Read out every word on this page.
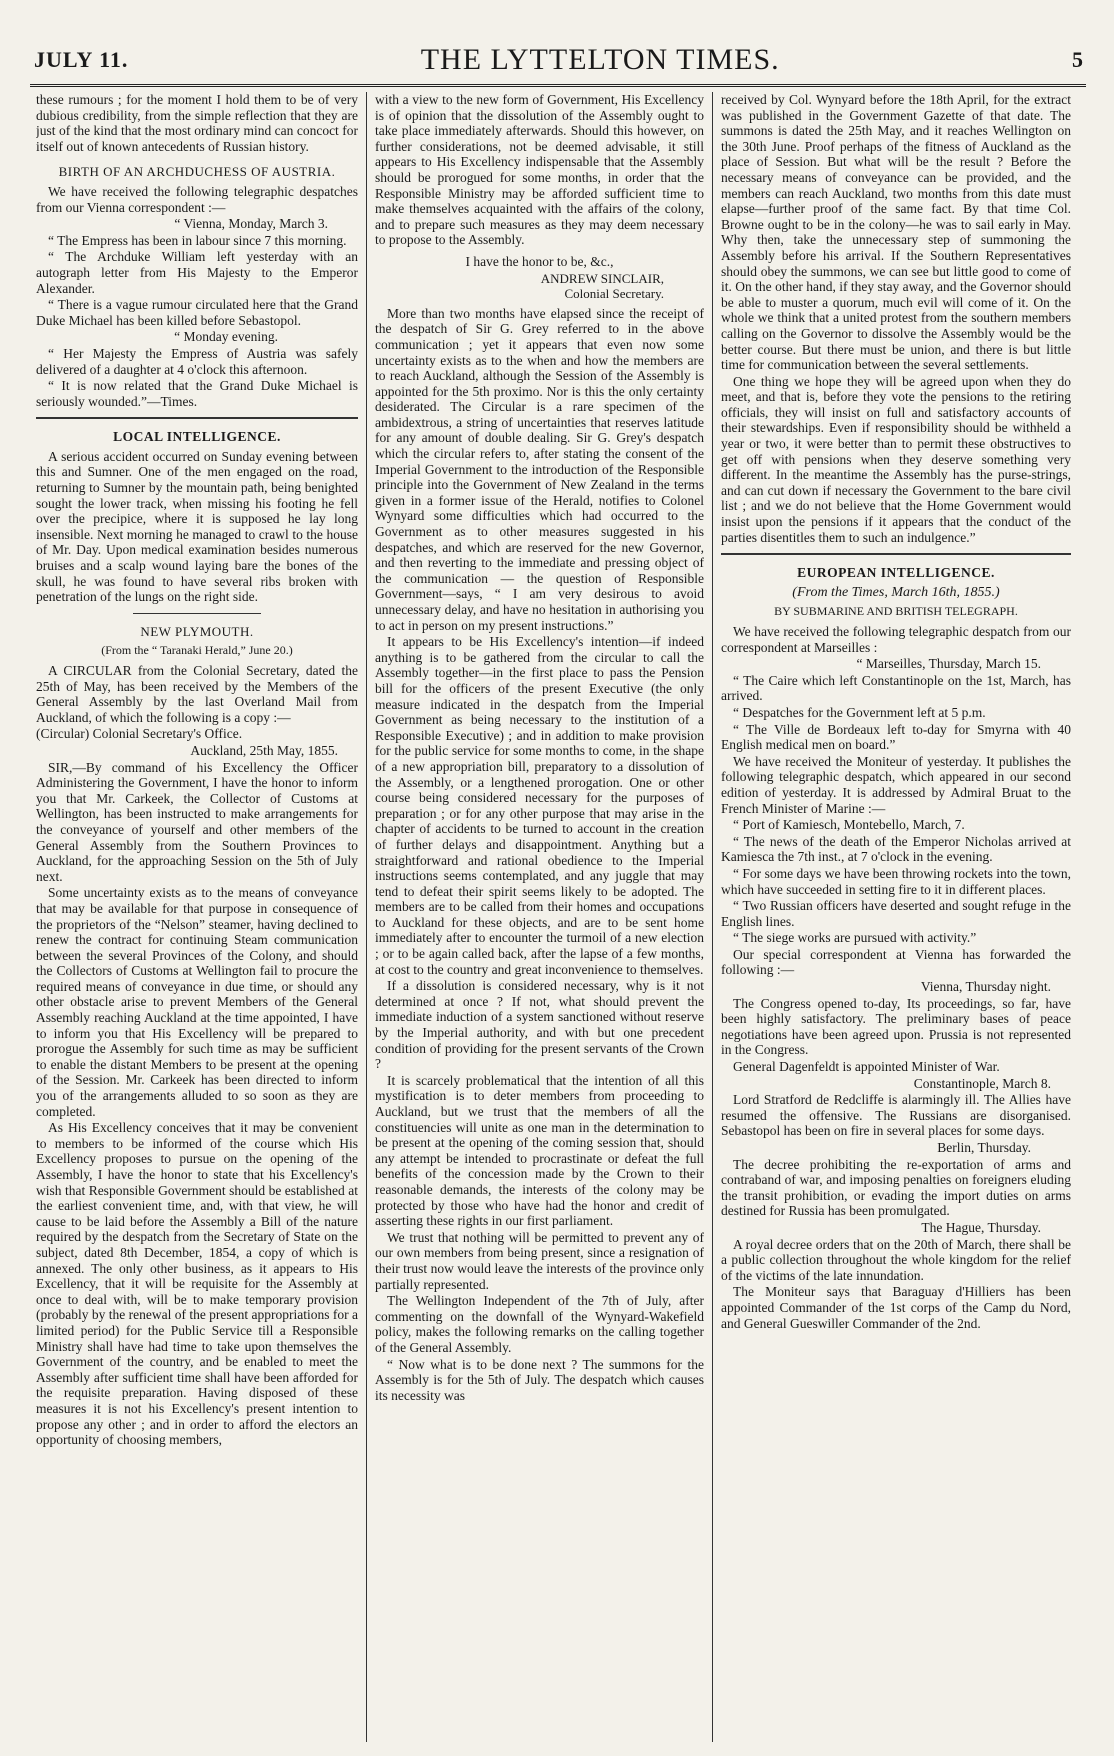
JULY 11.	THE LYTTELTON TIMES.	5

these rumours ; for the moment I hold them to be of very dubious credibility, from the simple reflection that they are just of the kind that the most ordinary mind can concoct for itself out of known antecedents of Russian history.

BIRTH OF AN ARCHDUCHESS OF AUSTRIA.

We have received the following telegraphic despatches from our Vienna correspondent :—

“ Vienna, Monday, March 3.

“ The Empress has been in labour since 7 this morning.

“ The Archduke William left yesterday with an autograph letter from His Majesty to the Emperor Alexander.

“ There is a vague rumour circulated here that the Grand Duke Michael has been killed before Sebastopol.

“ Monday evening.

“ Her Majesty the Empress of Austria was safely delivered of a daughter at 4 o'clock this afternoon.

“ It is now related that the Grand Duke Michael is seriously wounded.”—Times.

LOCAL INTELLIGENCE.

A serious accident occurred on Sunday evening between this and Sumner. One of the men engaged on the road, returning to Sumner by the mountain path, being benighted sought the lower track, when missing his footing he fell over the precipice, where it is supposed he lay long insensible. Next morning he managed to crawl to the house of Mr. Day. Upon medical examination besides numerous bruises and a scalp wound laying bare the bones of the skull, he was found to have several ribs broken with penetration of the lungs on the right side.

NEW PLYMOUTH.
(From the “ Taranaki Herald,” June 20.)

A CIRCULAR from the Colonial Secretary, dated the 25th of May, has been received by the Members of the General Assembly by the last Overland Mail from Auckland, of which the following is a copy :—

(Circular) Colonial Secretary's Office.

Auckland, 25th May, 1855.

SIR,—By command of his Excellency the Officer Administering the Government, I have the honor to inform you that Mr. Carkeek, the Collector of Customs at Wellington, has been instructed to make arrangements for the conveyance of yourself and other members of the General Assembly from the Southern Provinces to Auckland, for the approaching Session on the 5th of July next.

Some uncertainty exists as to the means of conveyance that may be available for that purpose in consequence of the proprietors of the “Nelson” steamer, having declined to renew the contract for continuing Steam communication between the several Provinces of the Colony, and should the Collectors of Customs at Wellington fail to procure the required means of conveyance in due time, or should any other obstacle arise to prevent Members of the General Assembly reaching Auckland at the time appointed, I have to inform you that His Excellency will be prepared to prorogue the Assembly for such time as may be sufficient to enable the distant Members to be present at the opening of the Session. Mr. Carkeek has been directed to inform you of the arrangements alluded to so soon as they are completed.

As His Excellency conceives that it may be convenient to members to be informed of the course which His Excellency proposes to pursue on the opening of the Assembly, I have the honor to state that his Excellency's wish that Responsible Government should be established at the earliest convenient time, and, with that view, he will cause to be laid before the Assembly a Bill of the nature required by the despatch from the Secretary of State on the subject, dated 8th December, 1854, a copy of which is annexed. The only other business, as it appears to His Excellency, that it will be requisite for the Assembly at once to deal with, will be to make temporary provision (probably by the renewal of the present appropriations for a limited period) for the Public Service till a Responsible Ministry shall have had time to take upon themselves the Government of the country, and be enabled to meet the Assembly after sufficient time shall have been afforded for the requisite preparation. Having disposed of these measures it is not his Excellency's present intention to propose any other ; and in order to afford the electors an opportunity of choosing members,

with a view to the new form of Government, His Excellency is of opinion that the dissolution of the Assembly ought to take place immediately afterwards. Should this however, on further considerations, not be deemed advisable, it still appears to His Excellency indispensable that the Assembly should be prorogued for some months, in order that the Responsible Ministry may be afforded sufficient time to make themselves acquainted with the affairs of the colony, and to prepare such measures as they may deem necessary to propose to the Assembly.

I have the honor to be, &c.,

ANDREW SINCLAIR,
Colonial Secretary.

More than two months have elapsed since the receipt of the despatch of Sir G. Grey referred to in the above communication ; yet it appears that even now some uncertainty exists as to the when and how the members are to reach Auckland, although the Session of the Assembly is appointed for the 5th proximo. Nor is this the only certainty desiderated. The Circular is a rare specimen of the ambidextrous, a string of uncertainties that reserves latitude for any amount of double dealing. Sir G. Grey's despatch which the circular refers to, after stating the consent of the Imperial Government to the introduction of the Responsible principle into the Government of New Zealand in the terms given in a former issue of the Herald, notifies to Colonel Wynyard some difficulties which had occurred to the Government as to other measures suggested in his despatches, and which are reserved for the new Governor, and then reverting to the immediate and pressing object of the communication — the question of Responsible Government—says, “ I am very desirous to avoid unnecessary delay, and have no hesitation in authorising you to act in person on my present instructions.”

It appears to be His Excellency's intention—if indeed anything is to be gathered from the circular to call the Assembly together—in the first place to pass the Pension bill for the officers of the present Executive (the only measure indicated in the despatch from the Imperial Government as being necessary to the institution of a Responsible Executive) ; and in addition to make provision for the public service for some months to come, in the shape of a new appropriation bill, preparatory to a dissolution of the Assembly, or a lengthened prorogation. One or other course being considered necessary for the purposes of preparation ; or for any other purpose that may arise in the chapter of accidents to be turned to account in the creation of further delays and disappointment. Anything but a straightforward and rational obedience to the Imperial instructions seems contemplated, and any juggle that may tend to defeat their spirit seems likely to be adopted. The members are to be called from their homes and occupations to Auckland for these objects, and are to be sent home immediately after to encounter the turmoil of a new election ; or to be again called back, after the lapse of a few months, at cost to the country and great inconvenience to themselves.

If a dissolution is considered necessary, why is it not determined at once ? If not, what should prevent the immediate induction of a system sanctioned without reserve by the Imperial authority, and with but one precedent condition of providing for the present servants of the Crown ?

It is scarcely problematical that the intention of all this mystification is to deter members from proceeding to Auckland, but we trust that the members of all the constituencies will unite as one man in the determination to be present at the opening of the coming session that, should any attempt be intended to procrastinate or defeat the full benefits of the concession made by the Crown to their reasonable demands, the interests of the colony may be protected by those who have had the honor and credit of asserting these rights in our first parliament.

We trust that nothing will be permitted to prevent any of our own members from being present, since a resignation of their trust now would leave the interests of the province only partially represented.

The Wellington Independent of the 7th of July, after commenting on the downfall of the Wynyard-Wakefield policy, makes the following remarks on the calling together of the General Assembly.

“ Now what is to be done next ? The summons for the Assembly is for the 5th of July. The despatch which causes its necessity was

received by Col. Wynyard before the 18th April, for the extract was published in the Government Gazette of that date. The summons is dated the 25th May, and it reaches Wellington on the 30th June. Proof perhaps of the fitness of Auckland as the place of Session. But what will be the result ? Before the necessary means of conveyance can be provided, and the members can reach Auckland, two months from this date must elapse—further proof of the same fact. By that time Col. Browne ought to be in the colony—he was to sail early in May. Why then, take the unnecessary step of summoning the Assembly before his arrival. If the Southern Representatives should obey the summons, we can see but little good to come of it. On the other hand, if they stay away, and the Governor should be able to muster a quorum, much evil will come of it. On the whole we think that a united protest from the southern members calling on the Governor to dissolve the Assembly would be the better course. But there must be union, and there is but little time for communication between the several settlements.

One thing we hope they will be agreed upon when they do meet, and that is, before they vote the pensions to the retiring officials, they will insist on full and satisfactory accounts of their stewardships. Even if responsibility should be withheld a year or two, it were better than to permit these obstructives to get off with pensions when they deserve something very different. In the meantime the Assembly has the purse-strings, and can cut down if necessary the Government to the bare civil list ; and we do not believe that the Home Government would insist upon the pensions if it appears that the conduct of the parties disentitles them to such an indulgence.”

EUROPEAN INTELLIGENCE.
(From the Times, March 16th, 1855.)
BY SUBMARINE AND BRITISH TELEGRAPH.

We have received the following telegraphic despatch from our correspondent at Marseilles :

“ Marseilles, Thursday, March 15.

“ The Caire which left Constantinople on the 1st, March, has arrived.

“ Despatches for the Government left at 5 p.m.

“ The Ville de Bordeaux left to-day for Smyrna with 40 English medical men on board.”

We have received the Moniteur of yesterday. It publishes the following telegraphic despatch, which appeared in our second edition of yesterday. It is addressed by Admiral Bruat to the French Minister of Marine :—

“ Port of Kamiesch, Montebello, March, 7.

“ The news of the death of the Emperor Nicholas arrived at Kamiesca the 7th inst., at 7 o'clock in the evening.

“ For some days we have been throwing rockets into the town, which have succeeded in setting fire to it in different places.

“ Two Russian officers have deserted and sought refuge in the English lines.

“ The siege works are pursued with activity.”

Our special correspondent at Vienna has forwarded the following :—

Vienna, Thursday night.

The Congress opened to-day, Its proceedings, so far, have been highly satisfactory. The preliminary bases of peace negotiations have been agreed upon. Prussia is not represented in the Congress.

General Dagenfeldt is appointed Minister of War.

Constantinople, March 8.

Lord Stratford de Redcliffe is alarmingly ill. The Allies have resumed the offensive. The Russians are disorganised. Sebastopol has been on fire in several places for some days.

Berlin, Thursday.

The decree prohibiting the re-exportation of arms and contraband of war, and imposing penalties on foreigners eluding the transit prohibition, or evading the import duties on arms destined for Russia has been promulgated.

The Hague, Thursday.

A royal decree orders that on the 20th of March, there shall be a public collection throughout the whole kingdom for the relief of the victims of the late innundation.

The Moniteur says that Baraguay d'Hilliers has been appointed Commander of the 1st corps of the Camp du Nord, and General Gueswiller Commander of the 2nd.
